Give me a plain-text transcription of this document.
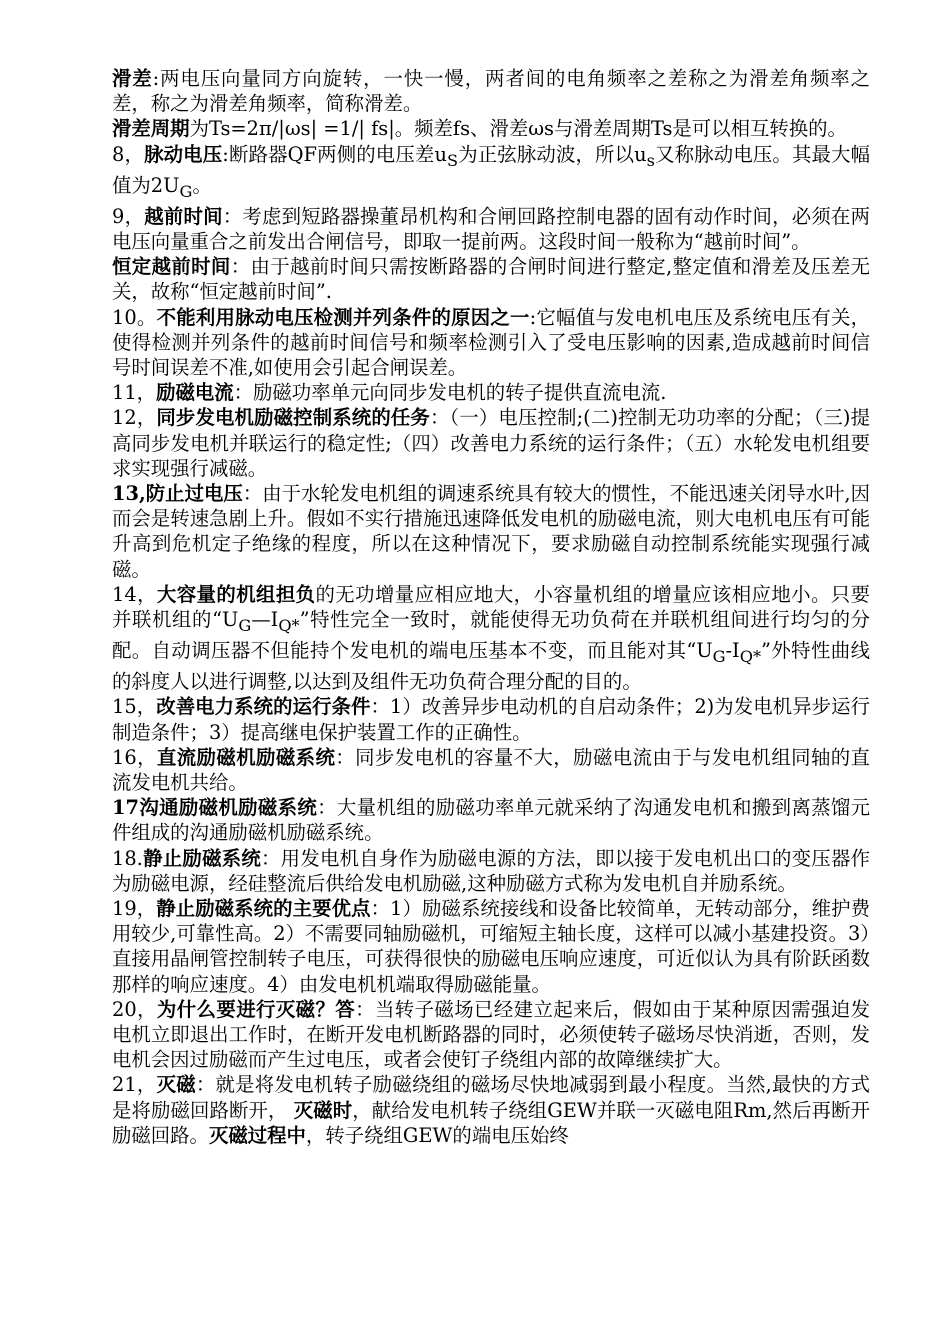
滑差:两电压向量同方向旋转，一快一慢，两者间的电角频率之差称之为滑差角频率之差，称之为滑差角频率，简称滑差。

滑差周期为Ts=2π/|ωs| =1/| fs|。频差fs、滑差ωs与滑差周期Ts是可以相互转换的。

8，脉动电压:断路器QF两侧的电压差$u_S$为正弦脉动波，所以$u_s$又称脉动电压。其最大幅值为$2U_G$。

9，越前时间：考虑到短路器操董昂机构和合闸回路控制电器的固有动作时间，必须在两电压向量重合之前发出合闸信号，即取一提前两。这段时间一般称为“越前时间”。

恒定越前时间：由于越前时间只需按断路器的合闸时间进行整定,整定值和滑差及压差无关，故称“恒定越前时间”.

10。不能利用脉动电压检测并列条件的原因之一:它幅值与发电机电压及系统电压有关，使得检测并列条件的越前时间信号和频率检测引入了受电压影响的因素,造成越前时间信号时间误差不准,如使用会引起合闸误差。

11，励磁电流：励磁功率单元向同步发电机的转子提供直流电流.

12，同步发电机励磁控制系统的任务：（一）电压控制;(二)控制无功功率的分配；（三)提高同步发电机并联运行的稳定性;（四）改善电力系统的运行条件；（五）水轮发电机组要求实现强行减磁。

13,防止过电压：由于水轮发电机组的调速系统具有较大的惯性，不能迅速关闭导水叶,因而会是转速急剧上升。假如不实行措施迅速降低发电机的励磁电流，则大电机电压有可能升高到危机定子绝缘的程度，所以在这种情况下，要求励磁自动控制系统能实现强行减磁。

14，大容量的机组担负的无功增量应相应地大，小容量机组的增量应该相应地小。只要并联机组的“$U_G—I_{Q*}$”特性完全一致时，就能使得无功负荷在并联机组间进行均匀的分配。自动调压器不但能持个发电机的端电压基本不变，而且能对其“$U_G-I_{Q*}$”外特性曲线的斜度人以进行调整,以达到及组件无功负荷合理分配的目的。

15，改善电力系统的运行条件：1）改善异步电动机的自启动条件；2)为发电机异步运行制造条件；3）提高继电保护装置工作的正确性。

16，直流励磁机励磁系统：同步发电机的容量不大，励磁电流由于与发电机组同轴的直流发电机共给。

17沟通励磁机励磁系统：大量机组的励磁功率单元就采纳了沟通发电机和搬到离蒸馏元件组成的沟通励磁机励磁系统。

18.静止励磁系统：用发电机自身作为励磁电源的方法，即以接于发电机出口的变压器作为励磁电源，经硅整流后供给发电机励磁,这种励磁方式称为发电机自并励系统。

19，静止励磁系统的主要优点：1）励磁系统接线和设备比较简单，无转动部分，维护费用较少,可靠性高。2）不需要同轴励磁机，可缩短主轴长度，这样可以减小基建投资。3）直接用晶闸管控制转子电压，可获得很快的励磁电压响应速度，可近似认为具有阶跃函数那样的响应速度。4）由发电机机端取得励磁能量。

20，为什么要进行灭磁？答：当转子磁场已经建立起来后，假如由于某种原因需强迫发电机立即退出工作时，在断开发电机断路器的同时，必须使转子磁场尽快消逝，否则，发电机会因过励磁而产生过电压，或者会使钉子绕组内部的故障继续扩大。

21，灭磁：就是将发电机转子励磁绕组的磁场尽快地减弱到最小程度。当然,最快的方式是将励磁回路断开， 灭磁时，献给发电机转子绕组GEW并联一灭磁电阻Rm,然后再断开励磁回路。灭磁过程中，转子绕组GEW的端电压始终
